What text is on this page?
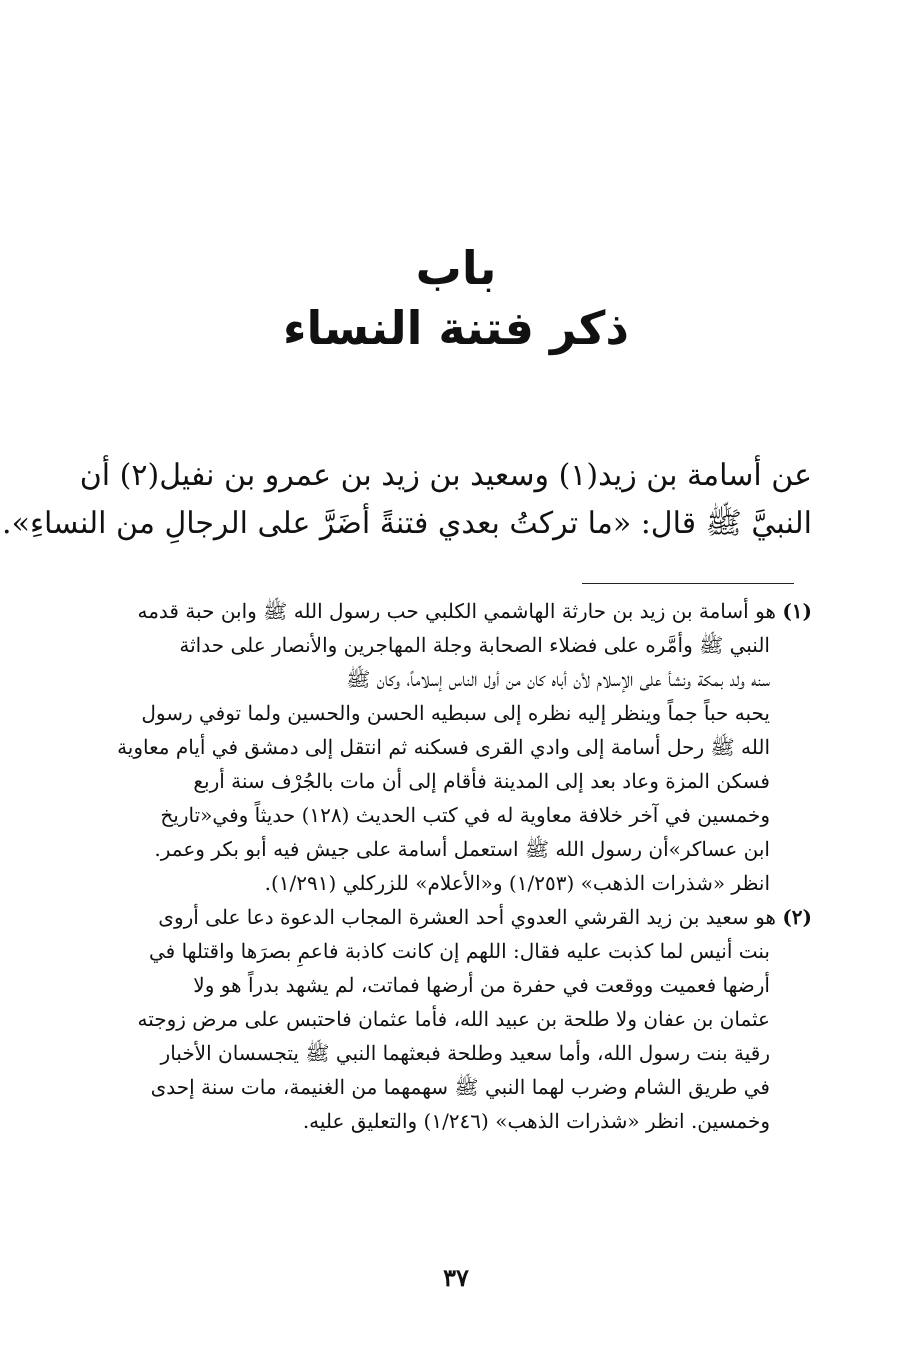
باب
ذكر فتنة النساء
عن أسامة بن زيد(١) وسعيد بن زيد بن عمرو بن نفيل(٢) أن
النبيَّ ﷺ قال: «ما تركتُ بعدي فتنةً أضَرَّ على الرجالِ من النساءِ».
(١) هو أسامة بن زيد بن حارثة الهاشمي الكلبي حب رسول الله ﷺ وابن حبة قدمه
النبي ﷺ وأمَّره على فضلاء الصحابة وجلة المهاجرين والأنصار على حداثة
سنه ولد بمكة ونشأ على الإسلام لأن أباه كان من أول الناس إسلاماً، وكان ﷺ
يحبه حباً جماً وينظر إليه نظره إلى سبطيه الحسن والحسين ولما توفي رسول
الله ﷺ رحل أسامة إلى وادي القرى فسكنه ثم انتقل إلى دمشق في أيام معاوية
فسكن المزة وعاد بعد إلى المدينة فأقام إلى أن مات بالجُرْف سنة أربع
وخمسين في آخر خلافة معاوية له في كتب الحديث (١٢٨) حديثاً وفي«تاريخ
ابن عساكر»أن رسول الله ﷺ استعمل أسامة على جيش فيه أبو بكر وعمر.
انظر «شذرات الذهب» (١/٢٥٣) و«الأعلام» للزركلي (١/٢٩١).
(٢) هو سعيد بن زيد القرشي العدوي أحد العشرة المجاب الدعوة دعا على أروى
بنت أنيس لما كذبت عليه فقال: اللهم إن كانت كاذبة فاعمِ بصرَها واقتلها في
أرضها فعميت ووقعت في حفرة من أرضها فماتت، لم يشهد بدراً هو ولا
عثمان بن عفان ولا طلحة بن عبيد الله، فأما عثمان فاحتبس على مرض زوجته
رقية بنت رسول الله، وأما سعيد وطلحة فبعثهما النبي ﷺ يتجسسان الأخبار
في طريق الشام وضرب لهما النبي ﷺ سهمهما من الغنيمة، مات سنة إحدى
وخمسين. انظر «شذرات الذهب» (١/٢٤٦) والتعليق عليه.
٣٧
